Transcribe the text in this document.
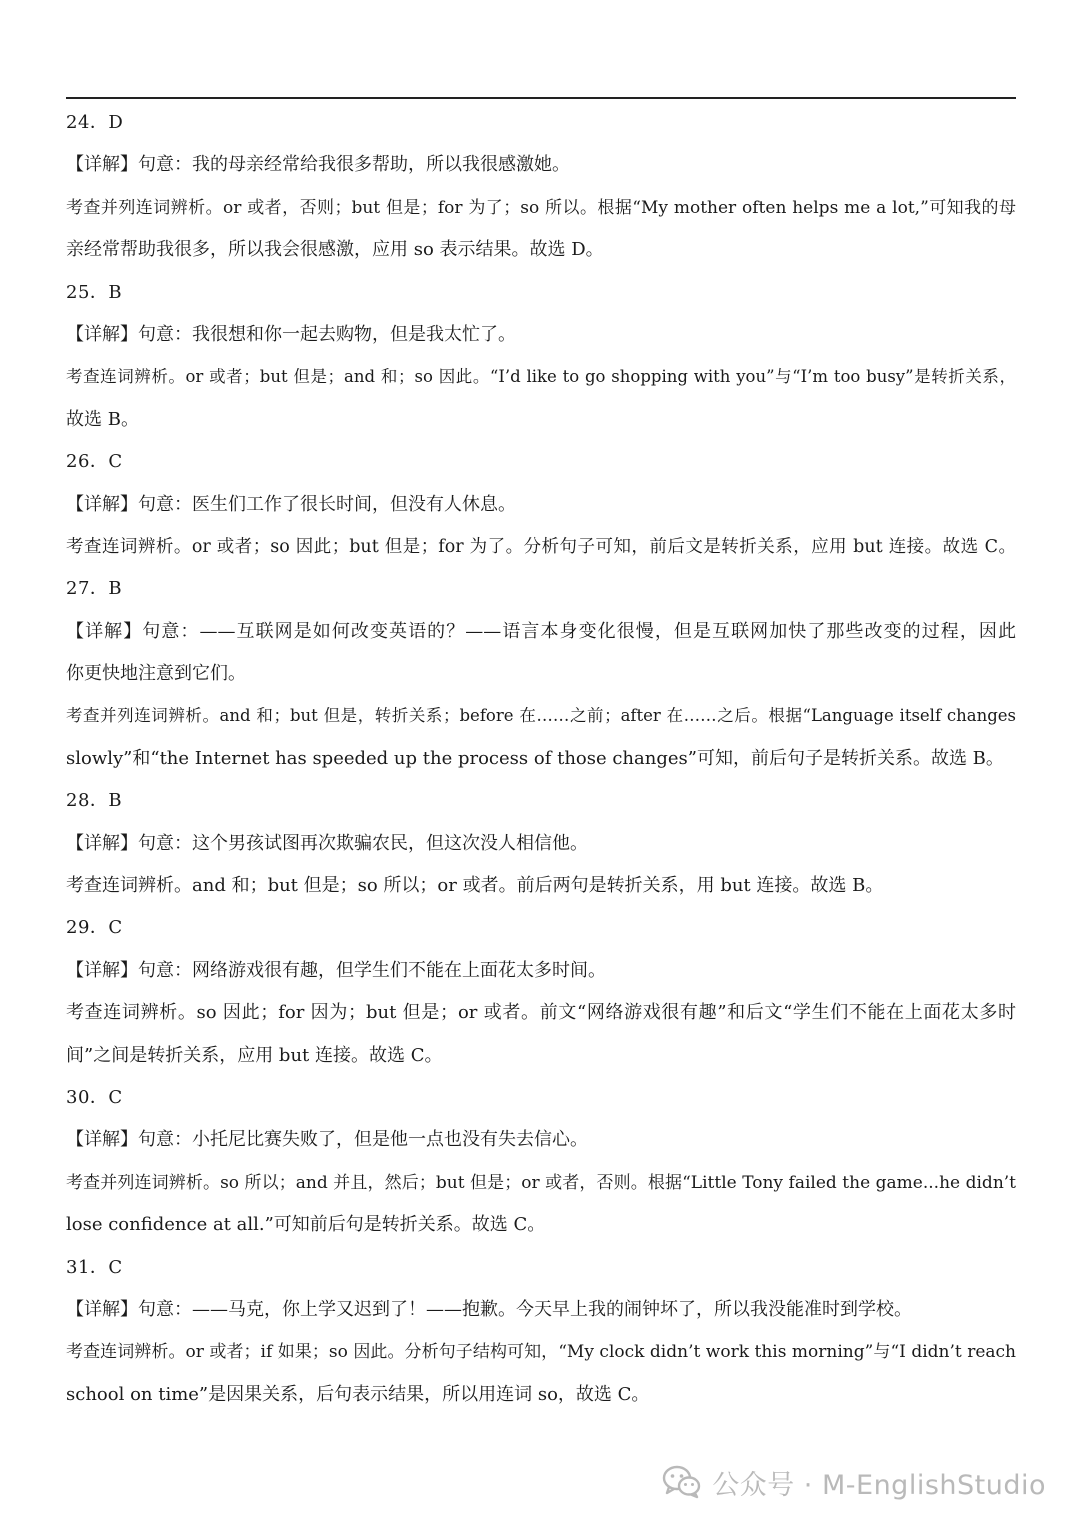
24．D
【详解】句意：我的母亲经常给我很多帮助，所以我很感激她。
考查并列连词辨析。or 或者，否则；but 但是；for 为了；so 所以。根据“My mother often helps me a lot,”可知我的母
亲经常帮助我很多，所以我会很感激，应用 so 表示结果。故选 D。
25．B
【详解】句意：我很想和你一起去购物，但是我太忙了。
考查连词辨析。or 或者；but 但是；and 和；so 因此。“I’d like to go shopping with you”与“I’m too busy”是转折关系，
故选 B。
26．C
【详解】句意：医生们工作了很长时间，但没有人休息。
考查连词辨析。or 或者；so 因此；but 但是；for 为了。分析句子可知，前后文是转折关系，应用 but 连接。故选 C。
27．B
【详解】句意：——互联网是如何改变英语的？——语言本身变化很慢，但是互联网加快了那些改变的过程，因此
你更快地注意到它们。
考查并列连词辨析。and 和；but 但是，转折关系；before 在……之前；after 在……之后。根据“Language itself changes
slowly”和“the Internet has speeded up the process of those changes”可知，前后句子是转折关系。故选 B。
28．B
【详解】句意：这个男孩试图再次欺骗农民，但这次没人相信他。
考查连词辨析。and 和；but 但是；so 所以；or 或者。前后两句是转折关系，用 but 连接。故选 B。
29．C
【详解】句意：网络游戏很有趣，但学生们不能在上面花太多时间。
考查连词辨析。so 因此；for 因为；but 但是；or 或者。前文“网络游戏很有趣”和后文“学生们不能在上面花太多时
间”之间是转折关系，应用 but 连接。故选 C。
30．C
【详解】句意：小托尼比赛失败了，但是他一点也没有失去信心。
考查并列连词辨析。so 所以；and 并且，然后；but 但是；or 或者，否则。根据“Little Tony failed the game...he didn’t
lose confidence at all.”可知前后句是转折关系。故选 C。
31．C
【详解】句意：——马克，你上学又迟到了！——抱歉。今天早上我的闹钟坏了，所以我没能准时到学校。
考查连词辨析。or 或者；if 如果；so 因此。分析句子结构可知，“My clock didn’t work this morning”与“I didn’t reach
school on time”是因果关系，后句表示结果，所以用连词 so，故选 C。
公众号 · M-EnglishStudio
